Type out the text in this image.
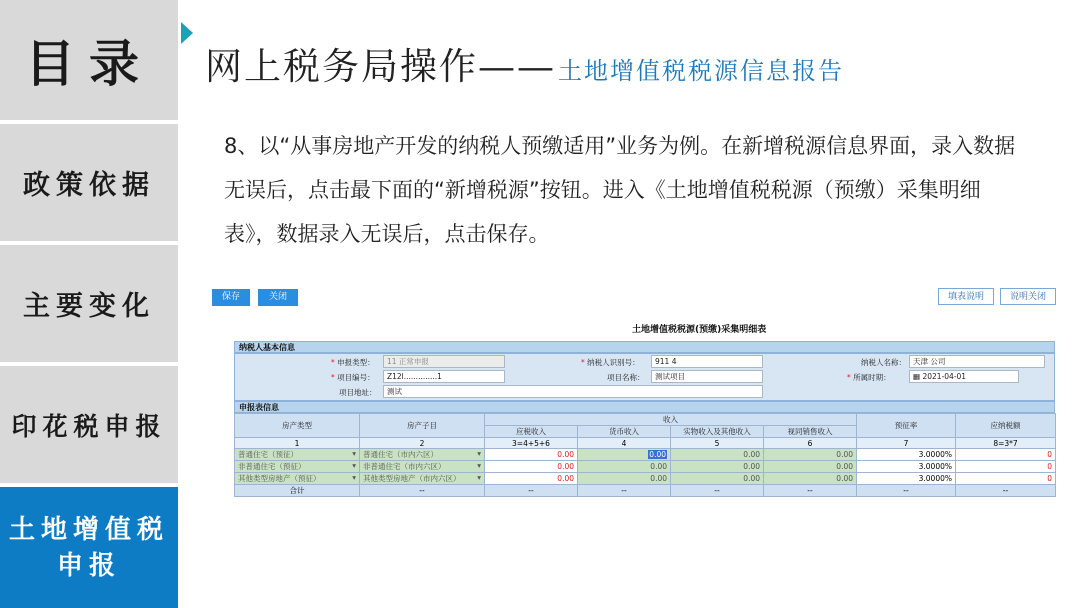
目录
政策依据
主要变化
印花税申报
土地增值税
申报
网上税务局操作—— 土地增值税税源信息报告
8、以“从事房地产开发的纳税人预缴适用”业务为例。在新增税源信息界面，录入数据无误后，点击最下面的“新增税源”按钮。进入《土地增值税税源（预缴）采集明细表》，数据录入无误后，点击保存。
保存	关闭	填表说明	说明关闭
土地增值税税源(预缴)采集明细表
纳税人基本信息
* 申报类型：	11 正常申报	* 纳税人识别号：	911 4	纳税人名称： 天津 公司
* 项目编号：	Z12l..............1	项目名称：	测试项目	* 所属时期：	▦ 2021-04-01
项目地址：	测试
申报表信息
房产类型	房产子目	收入				预征率	应纳税额
		应税收入	货币收入	实物收入及其他收入	视同销售收入		
1	2	3=4+5+6	4	5	6	7	8=3*7
普通住宅（预征） ▾	普通住宅（市内六区） ▾	0.00	0.00	0.00	0.00	3.0000%	0
非普通住宅（预征） ▾	非普通住宅（市内六区） ▾	0.00	0.00	0.00	0.00	3.0000%	0
其他类型房地产（预征） ▾	其他类型房地产（市内六区） ▾	0.00	0.00	0.00	0.00	3.0000%	0
合计	--	--	--	--	--	--	--
